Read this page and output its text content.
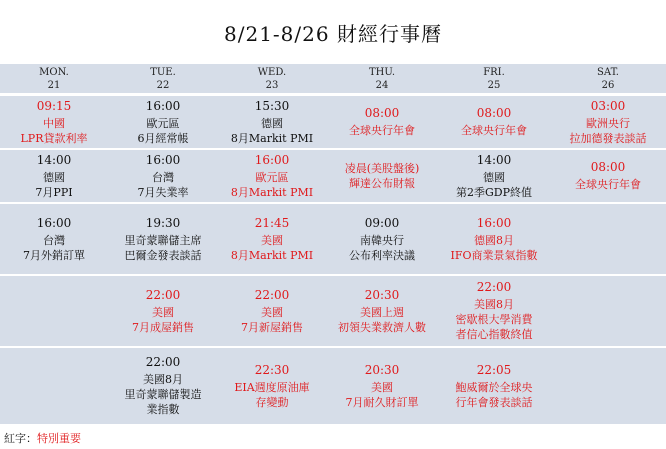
8/21-8/26 財經行事曆
MON.
21
TUE.
22
WED.
23
THU.
24
FRI.
25
SAT.
26
09:15
中國
LPR貸款利率
16:00
歐元區
6月經常帳
15:30
德國
8月Markit PMI
08:00
全球央行年會
08:00
全球央行年會
03:00
歐洲央行
拉加德發表談話
14:00
德國
7月PPI
16:00
台灣
7月失業率
16:00
歐元區
8月Markit PMI
凌晨(美股盤後)
輝達公布財報
14:00
德國
第2季GDP終值
08:00
全球央行年會
16:00
台灣
7月外銷訂單
19:30
里奇蒙聯儲主席
巴爾金發表談話
21:45
美國
8月Markit PMI
09:00
南韓央行
公布利率決議
16:00
德國8月
IFO商業景氣指數
22:00
美國
7月成屋銷售
22:00
美國
7月新屋銷售
20:30
美國上週
初領失業救濟人數
22:00
美國8月
密歇根大學消費
者信心指數終值
22:00
美國8月
里奇蒙聯儲製造
業指數
22:30
EIA週度原油庫
存變動
20:30
美國
7月耐久財訂單
22:05
鮑威爾於全球央
行年會發表談話
紅字：特別重要
